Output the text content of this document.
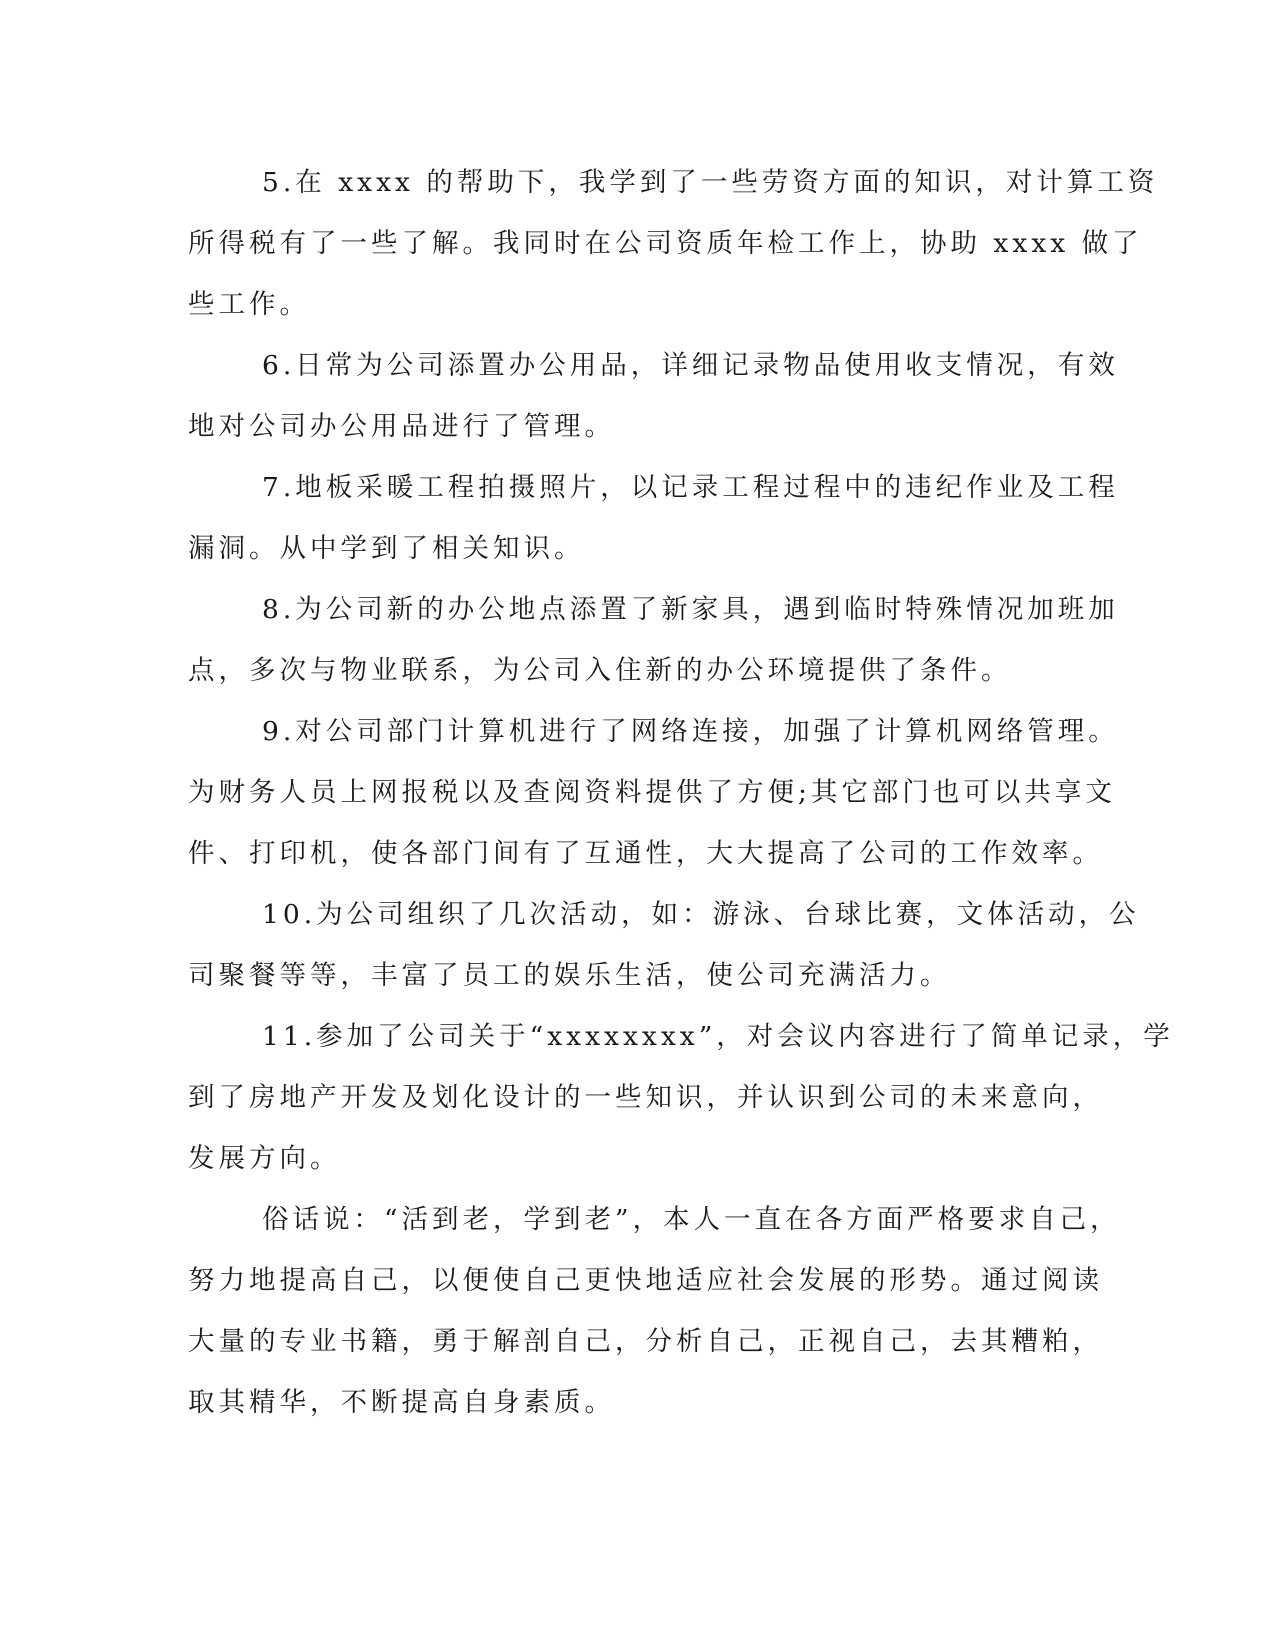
5.在 xxxx 的帮助下，我学到了一些劳资方面的知识，对计算工资
所得税有了一些了解。我同时在公司资质年检工作上，协助 xxxx 做了
些工作。

6.日常为公司添置办公用品，详细记录物品使用收支情况，有效
地对公司办公用品进行了管理。

7.地板采暖工程拍摄照片，以记录工程过程中的违纪作业及工程
漏洞。从中学到了相关知识。

8.为公司新的办公地点添置了新家具，遇到临时特殊情况加班加
点，多次与物业联系，为公司入住新的办公环境提供了条件。

9.对公司部门计算机进行了网络连接，加强了计算机网络管理。
为财务人员上网报税以及查阅资料提供了方便;其它部门也可以共享文
件、打印机，使各部门间有了互通性，大大提高了公司的工作效率。

10.为公司组织了几次活动，如：游泳、台球比赛，文体活动，公
司聚餐等等，丰富了员工的娱乐生活，使公司充满活力。

11.参加了公司关于“xxxxxxxx”，对会议内容进行了简单记录，学
到了房地产开发及划化设计的一些知识，并认识到公司的未来意向，
发展方向。

俗话说：“活到老，学到老”，本人一直在各方面严格要求自己，
努力地提高自己，以便使自己更快地适应社会发展的形势。通过阅读
大量的专业书籍，勇于解剖自己，分析自己，正视自己，去其糟粕，
取其精华，不断提高自身素质。
